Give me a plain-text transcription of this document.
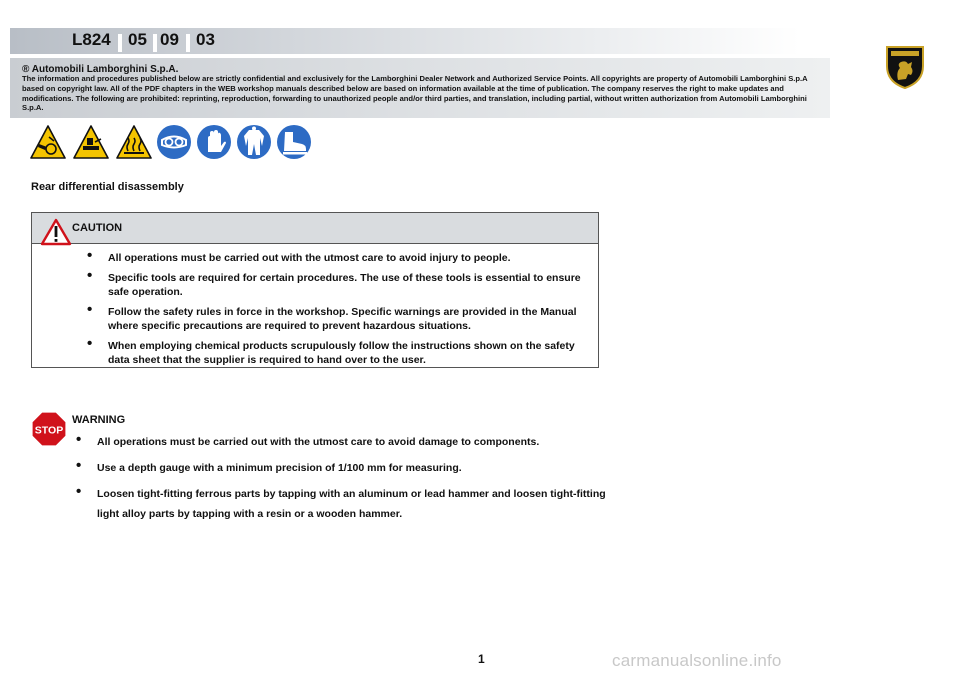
L824 05 09 03
® Automobili Lamborghini S.p.A.
The information and procedures published below are strictly confidential and exclusively for the Lamborghini Dealer Network and Authorized Service Points. All copyrights are property of Automobili Lamborghini S.p.A based on copyright law. All of the PDF chapters in the WEB workshop manuals described below are based on information available at the time of publication. The company reserves the right to make updates and modifications. The following are prohibited: reprinting, reproduction, forwarding to unauthorized people and/or third parties, and translation, including partial, without written authorization from Automobili Lamborghini S.p.A.
Rear differential disassembly
CAUTION
• All operations must be carried out with the utmost care to avoid injury to people.
• Specific tools are required for certain procedures. The use of these tools is essential to ensure safe operation.
• Follow the safety rules in force in the workshop. Specific warnings are provided in the Manual where specific precautions are required to prevent hazardous situations.
• When employing chemical products scrupulously follow the instructions shown on the safety data sheet that the supplier is required to hand over to the user.
STOP
WARNING
• All operations must be carried out with the utmost care to avoid damage to components.
• Use a depth gauge with a minimum precision of 1/100 mm for measuring.
• Loosen tight-fitting ferrous parts by tapping with an aluminum or lead hammer and loosen tight-fitting light alloy parts by tapping with a resin or a wooden hammer.
1	carmanualsonline.info
